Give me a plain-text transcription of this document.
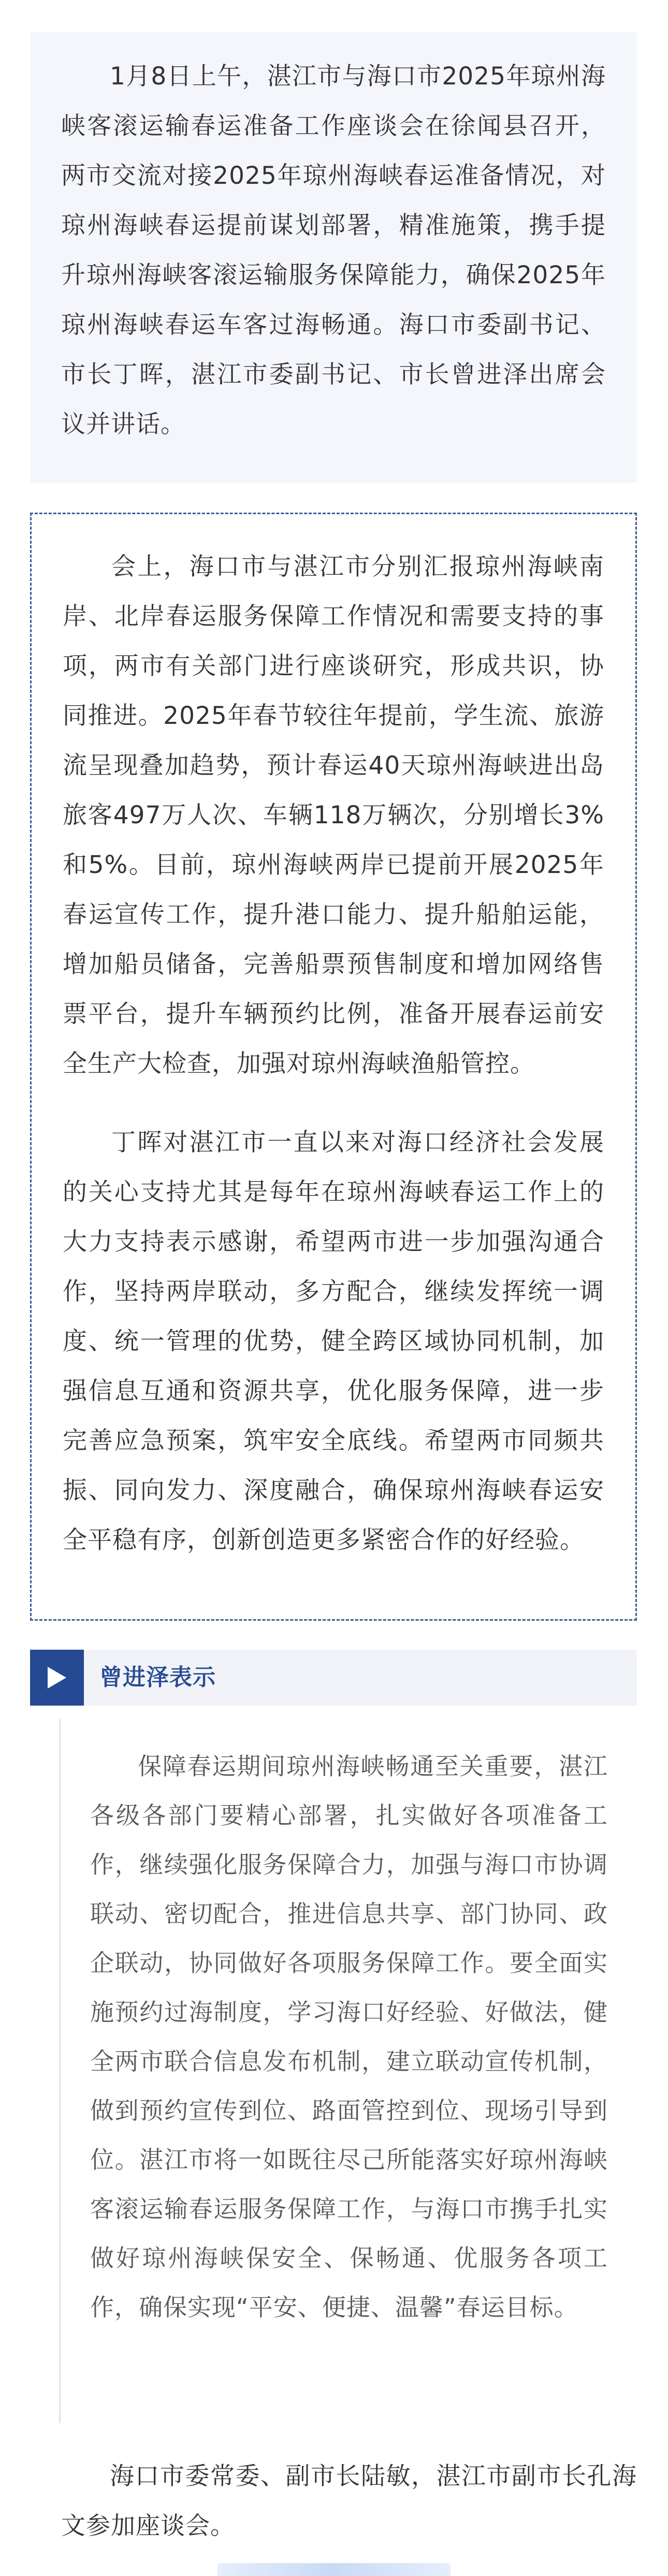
1月8日上午，湛江市与海口市2025年琼州海峡客滚运输春运准备工作座谈会在徐闻县召开，两市交流对接2025年琼州海峡春运准备情况，对琼州海峡春运提前谋划部署，精准施策，携手提升琼州海峡客滚运输服务保障能力，确保2025年琼州海峡春运车客过海畅通。海口市委副书记、市长丁晖，湛江市委副书记、市长曾进泽出席会议并讲话。

会上，海口市与湛江市分别汇报琼州海峡南岸、北岸春运服务保障工作情况和需要支持的事项，两市有关部门进行座谈研究，形成共识，协同推进。2025年春节较往年提前，学生流、旅游流呈现叠加趋势，预计春运40天琼州海峡进出岛旅客497万人次、车辆118万辆次，分别增长3%和5%。目前，琼州海峡两岸已提前开展2025年春运宣传工作，提升港口能力、提升船舶运能，增加船员储备，完善船票预售制度和增加网络售票平台，提升车辆预约比例，准备开展春运前安全生产大检查，加强对琼州海峡渔船管控。

丁晖对湛江市一直以来对海口经济社会发展的关心支持尤其是每年在琼州海峡春运工作上的大力支持表示感谢，希望两市进一步加强沟通合作，坚持两岸联动，多方配合，继续发挥统一调度、统一管理的优势，健全跨区域协同机制，加强信息互通和资源共享，优化服务保障，进一步完善应急预案，筑牢安全底线。希望两市同频共振、同向发力、深度融合，确保琼州海峡春运安全平稳有序，创新创造更多紧密合作的好经验。

曾进泽表示

保障春运期间琼州海峡畅通至关重要，湛江各级各部门要精心部署，扎实做好各项准备工作，继续强化服务保障合力，加强与海口市协调联动、密切配合，推进信息共享、部门协同、政企联动，协同做好各项服务保障工作。要全面实施预约过海制度，学习海口好经验、好做法，健全两市联合信息发布机制，建立联动宣传机制，做到预约宣传到位、路面管控到位、现场引导到位。湛江市将一如既往尽己所能落实好琼州海峡客滚运输春运服务保障工作，与海口市携手扎实做好琼州海峡保安全、保畅通、优服务各项工作，确保实现“平安、便捷、温馨”春运目标。

海口市委常委、副市长陆敏，湛江市副市长孔海文参加座谈会。
